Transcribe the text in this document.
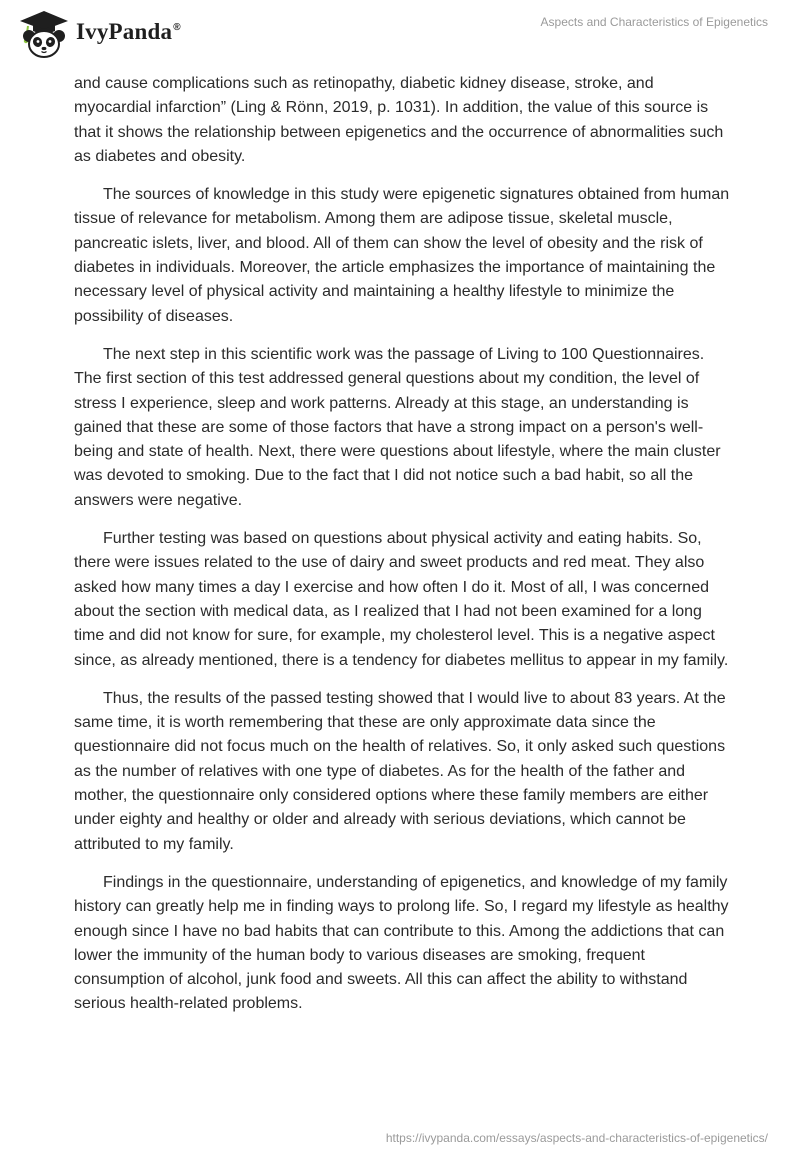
IvyPanda®	Aspects and Characteristics of Epigenetics

and cause complications such as retinopathy, diabetic kidney disease, stroke, and myocardial infarction” (Ling & Rönn, 2019, p. 1031). In addition, the value of this source is that it shows the relationship between epigenetics and the occurrence of abnormalities such as diabetes and obesity.

The sources of knowledge in this study were epigenetic signatures obtained from human tissue of relevance for metabolism. Among them are adipose tissue, skeletal muscle, pancreatic islets, liver, and blood. All of them can show the level of obesity and the risk of diabetes in individuals. Moreover, the article emphasizes the importance of maintaining the necessary level of physical activity and maintaining a healthy lifestyle to minimize the possibility of diseases.

The next step in this scientific work was the passage of Living to 100 Questionnaires. The first section of this test addressed general questions about my condition, the level of stress I experience, sleep and work patterns. Already at this stage, an understanding is gained that these are some of those factors that have a strong impact on a person's well-being and state of health. Next, there were questions about lifestyle, where the main cluster was devoted to smoking. Due to the fact that I did not notice such a bad habit, so all the answers were negative.

Further testing was based on questions about physical activity and eating habits. So, there were issues related to the use of dairy and sweet products and red meat. They also asked how many times a day I exercise and how often I do it. Most of all, I was concerned about the section with medical data, as I realized that I had not been examined for a long time and did not know for sure, for example, my cholesterol level. This is a negative aspect since, as already mentioned, there is a tendency for diabetes mellitus to appear in my family.

Thus, the results of the passed testing showed that I would live to about 83 years. At the same time, it is worth remembering that these are only approximate data since the questionnaire did not focus much on the health of relatives. So, it only asked such questions as the number of relatives with one type of diabetes. As for the health of the father and mother, the questionnaire only considered options where these family members are either under eighty and healthy or older and already with serious deviations, which cannot be attributed to my family.

Findings in the questionnaire, understanding of epigenetics, and knowledge of my family history can greatly help me in finding ways to prolong life. So, I regard my lifestyle as healthy enough since I have no bad habits that can contribute to this. Among the addictions that can lower the immunity of the human body to various diseases are smoking, frequent consumption of alcohol, junk food and sweets. All this can affect the ability to withstand serious health-related problems.

https://ivypanda.com/essays/aspects-and-characteristics-of-epigenetics/
